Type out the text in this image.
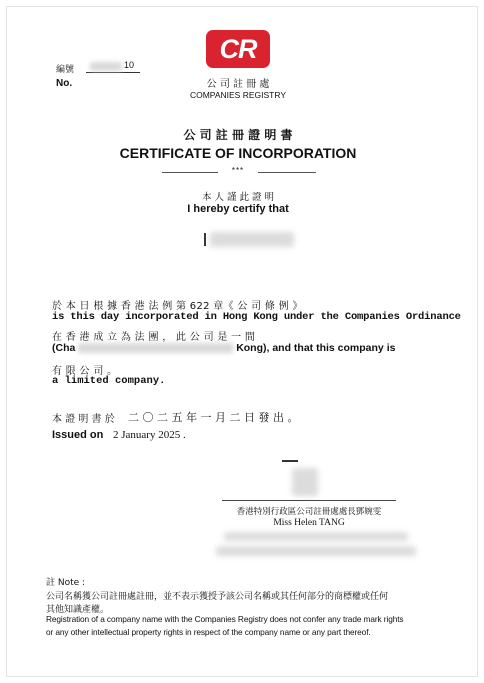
編號	10
No.
CR
公 司 註 冊 處
COMPANIES REGISTRY
公 司 註 冊 證 明 書
CERTIFICATE OF INCORPORATION
***
本 人 謹 此 證 明
I hereby certify that
於 本 日 根 據 香 港 法 例 第 622 章《 公 司 條 例 》
is this day incorporated in Hong Kong under the Companies Ordinance
在 香 港 成 立 為 法 團 ， 此 公 司 是 一 間
(Cha	Kong), and that this company is
有 限 公 司 。
a limited company.
本 證 明 書 於 二 〇 二 五 年 一 月 二 日 發 出 。
Issued on 2 January 2025 .
香港特別行政區公司註冊處處長鄧婉雯
Miss Helen TANG
註 Note :
公司名稱獲公司註冊處註冊，並不表示獲授予該公司名稱或其任何部分的商標權或任何
其他知識產權。
Registration of a company name with the Companies Registry does not confer any trade mark rights
or any other intellectual property rights in respect of the company name or any part thereof.
